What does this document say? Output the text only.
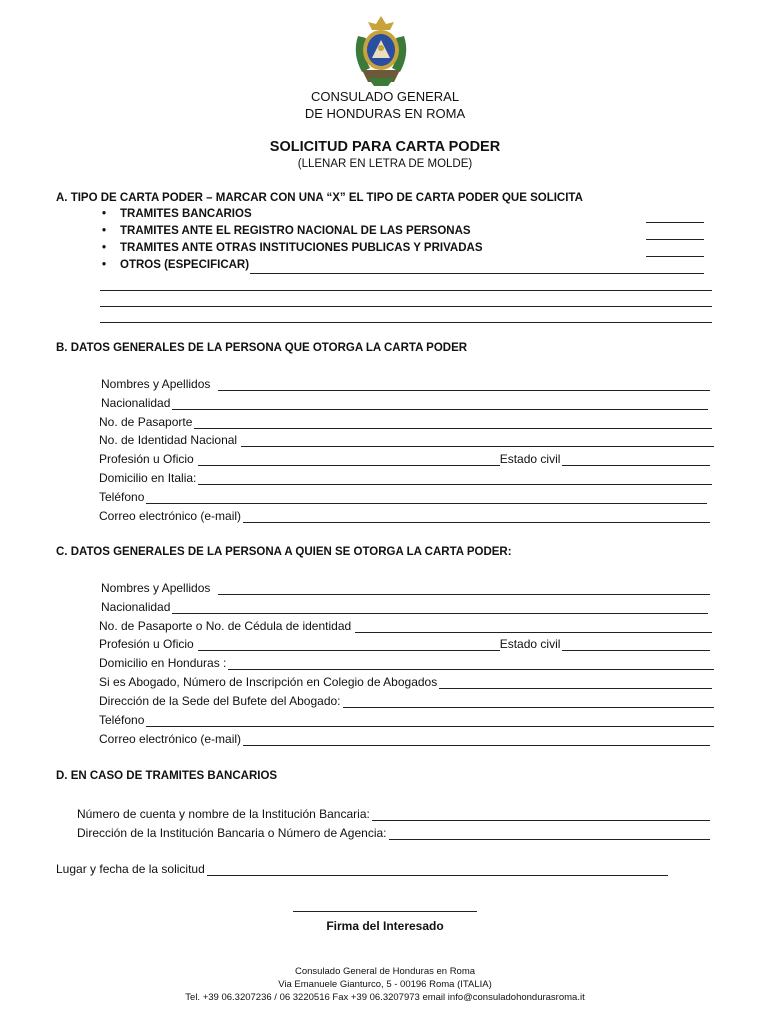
CONSULADO GENERAL
DE HONDURAS EN ROMA
SOLICITUD PARA CARTA PODER
(LLENAR EN LETRA DE MOLDE)
A. TIPO DE CARTA PODER – MARCAR CON UNA “X” EL TIPO DE CARTA PODER QUE SOLICITA
• TRAMITES BANCARIOS
• TRAMITES ANTE EL REGISTRO NACIONAL DE LAS PERSONAS
• TRAMITES ANTE OTRAS INSTITUCIONES PUBLICAS Y PRIVADAS
• OTROS (ESPECIFICAR)
B. DATOS GENERALES DE LA PERSONA QUE OTORGA LA CARTA PODER
Nombres y Apellidos
Nacionalidad
No. de Pasaporte
No. de Identidad Nacional
Profesión u Oficio	Estado civil
Domicilio en Italia:
Teléfono
Correo electrónico (e-mail)
C. DATOS GENERALES DE LA PERSONA A QUIEN SE OTORGA LA CARTA PODER:
Nombres y Apellidos
Nacionalidad
No. de Pasaporte o No. de Cédula de identidad
Profesión u Oficio	Estado civil
Domicilio en Honduras :
Si es Abogado, Número de Inscripción en Colegio de Abogados
Dirección de la Sede del Bufete del Abogado:
Teléfono
Correo electrónico (e-mail)
D. EN CASO DE TRAMITES BANCARIOS
Número de cuenta y nombre de la Institución Bancaria:
Dirección de la Institución Bancaria o Número de Agencia:
Lugar y fecha de la solicitud
Firma del Interesado
Consulado General de Honduras en Roma
Via Emanuele Gianturco, 5 - 00196 Roma (ITALIA)
Tel. +39 06.3207236 / 06 3220516 Fax +39 06.3207973 email info@consuladohondurasroma.it
